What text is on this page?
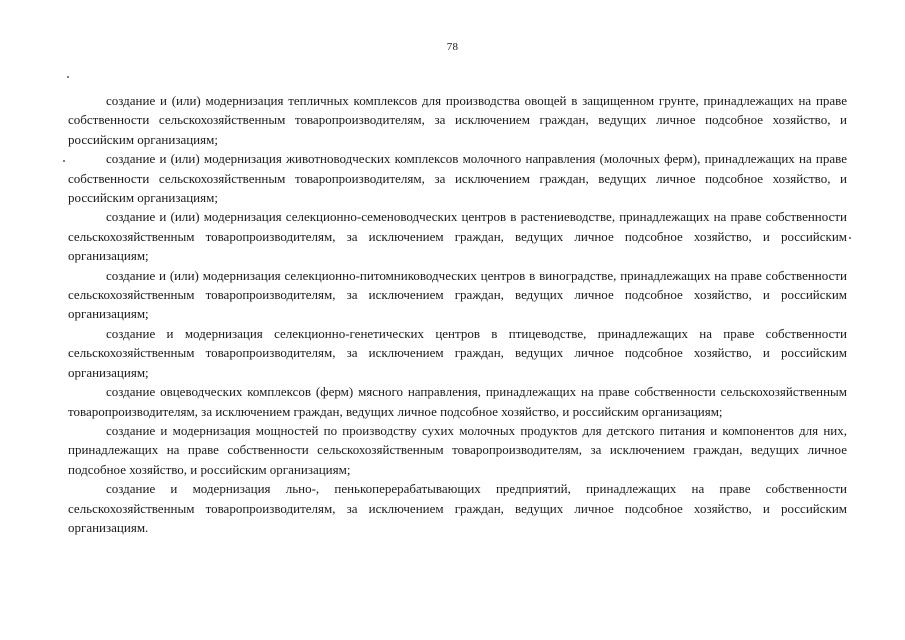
78

создание и (или) модернизация тепличных комплексов для производства овощей в защищенном грунте, принадлежащих на праве собственности сельскохозяйственным товаропроизводителям, за исключением граждан, ведущих личное подсобное хозяйство, и российским организациям;

создание и (или) модернизация животноводческих комплексов молочного направления (молочных ферм), принадлежащих на праве собственности сельскохозяйственным товаропроизводителям, за исключением граждан, ведущих личное подсобное хозяйство, и российским организациям;

создание и (или) модернизация селекционно-семеноводческих центров в растениеводстве, принадлежащих на праве собственности сельскохозяйственным товаропроизводителям, за исключением граждан, ведущих личное подсобное хозяйство, и российским организациям;

создание и (или) модернизация селекционно-питомниководческих центров в виноградстве, принадлежащих на праве собственности сельскохозяйственным товаропроизводителям, за исключением граждан, ведущих личное подсобное хозяйство, и российским организациям;

создание и модернизация селекционно-генетических центров в птицеводстве, принадлежащих на праве собственности сельскохозяйственным товаропроизводителям, за исключением граждан, ведущих личное подсобное хозяйство, и российским организациям;

создание овцеводческих комплексов (ферм) мясного направления, принадлежащих на праве собственности сельскохозяйственным товаропроизводителям, за исключением граждан, ведущих личное подсобное хозяйство, и российским организациям;

создание и модернизация мощностей по производству сухих молочных продуктов для детского питания и компонентов для них, принадлежащих на праве собственности сельскохозяйственным товаропроизводителям, за исключением граждан, ведущих личное подсобное хозяйство, и российским организациям;

создание и модернизация льно-, пенькоперерабатывающих предприятий, принадлежащих на праве собственности сельскохозяйственным товаропроизводителям, за исключением граждан, ведущих личное подсобное хозяйство, и российским организациям.
